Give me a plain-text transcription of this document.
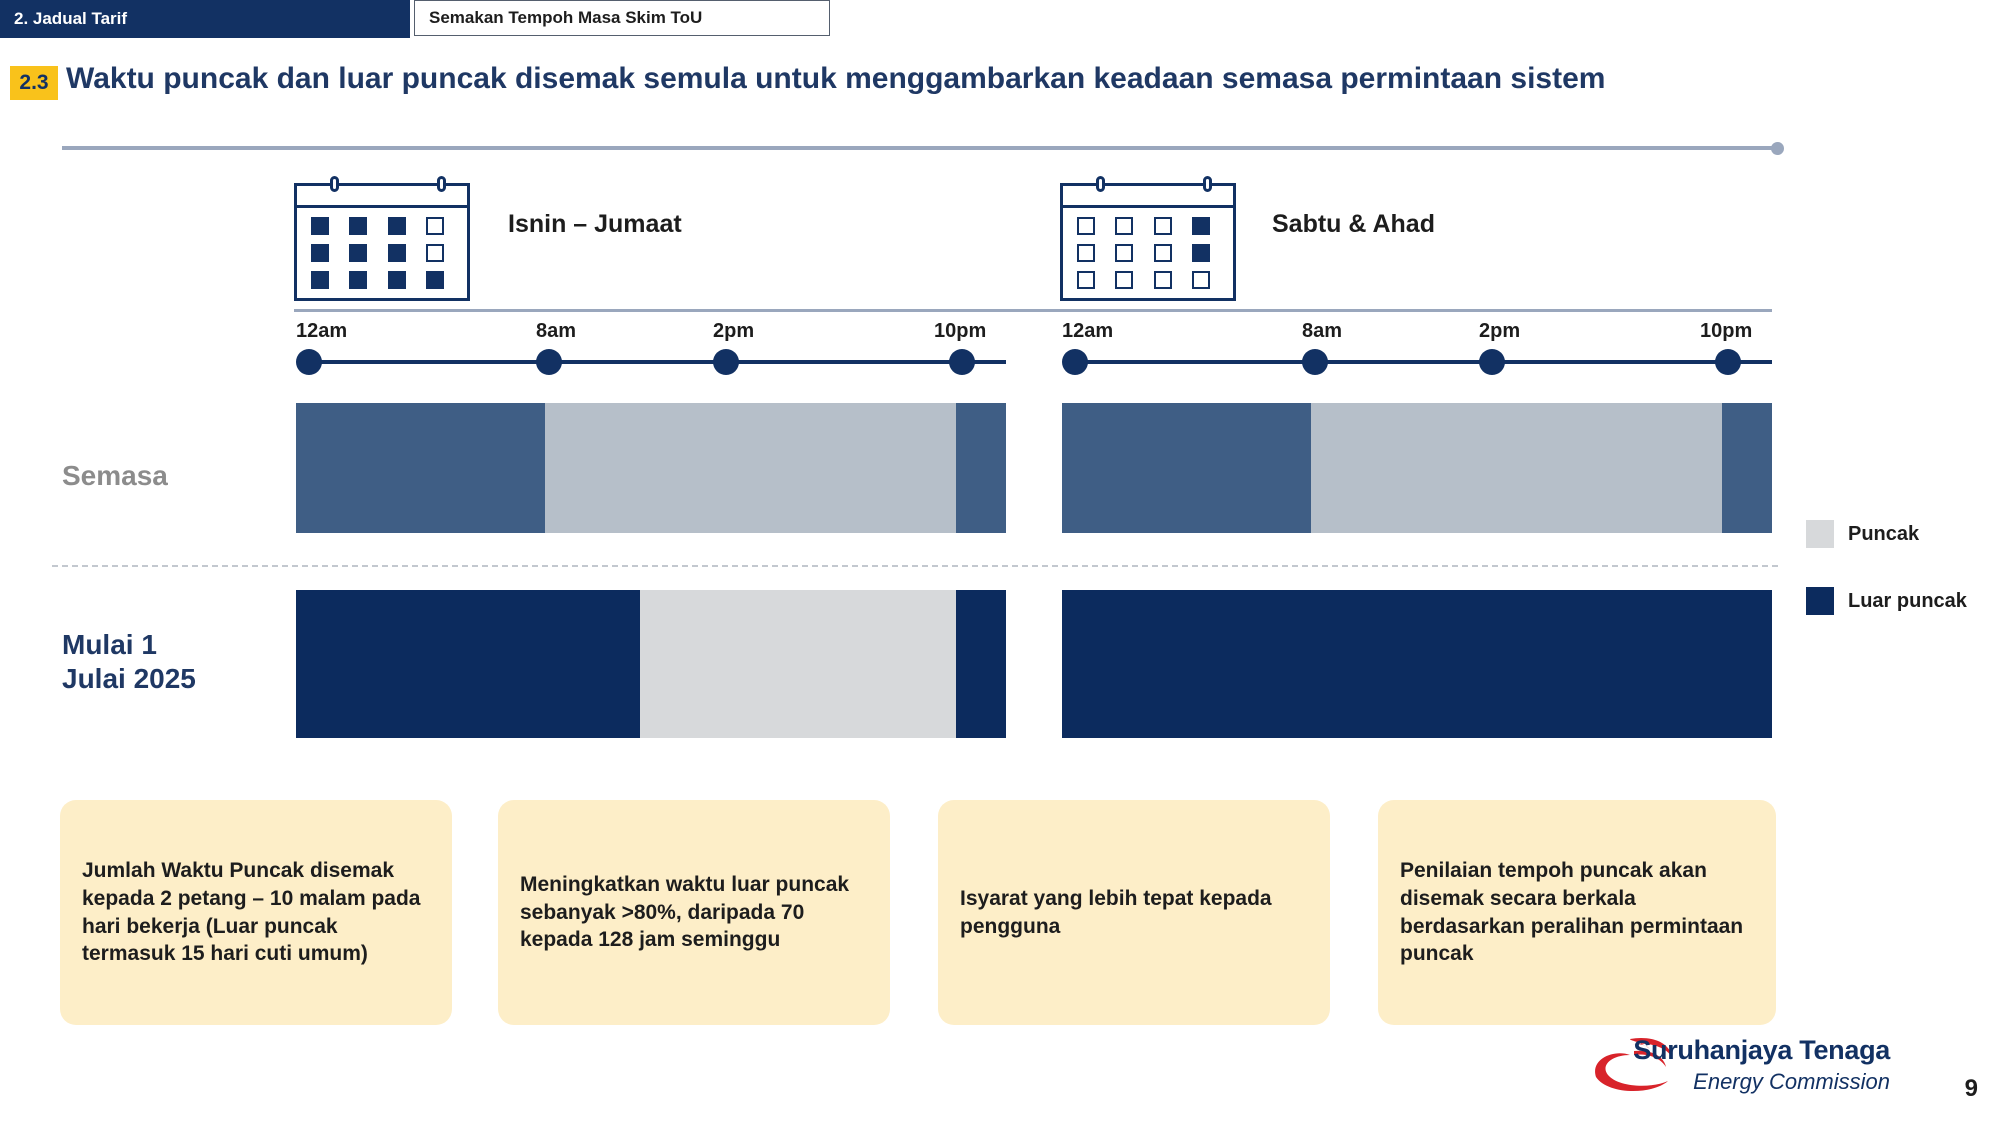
2. Jadual Tarif	Semakan Tempoh Masa Skim ToU
2.3 Waktu puncak dan luar puncak disemak semula untuk menggambarkan keadaan semasa permintaan sistem
Isnin – Jumaat	Sabtu & Ahad
12am	8am	2pm	10pm	12am	8am	2pm	10pm
Semasa
Mulai 1
Julai 2025
Puncak
Luar puncak

Jumlah Waktu Puncak disemak kepada 2 petang – 10 malam pada hari bekerja (Luar puncak termasuk 15 hari cuti umum)

Meningkatkan waktu luar puncak sebanyak >80%, daripada 70 kepada 128 jam seminggu

Isyarat yang lebih tepat kepada pengguna

Penilaian tempoh puncak akan disemak secara berkala berdasarkan peralihan permintaan puncak

Suruhanjaya Tenaga
Energy Commission	9
